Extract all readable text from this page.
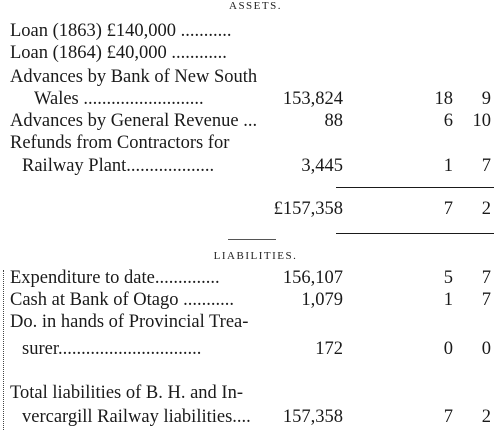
ASSETS.
Loan (1863) £140,000 ...........
Loan (1864) £40,000 ............
Advances by Bank of New South
Wales ..........................	153,824	18 9
Advances by General Revenue ...	88	6 10
Refunds from Contractors for
Railway Plant...................	3,445	1 7
£157,358	7 2
LIABILITIES.
Expenditure to date..............	156,107	5 7
Cash at Bank of Otago ...........	1,079	1 7
Do. in hands of Provincial Trea-
surer...............................	172	0 0
Total liabilities of B. H. and In-
vercargill Railway liabilities.... 157,358	7 2
